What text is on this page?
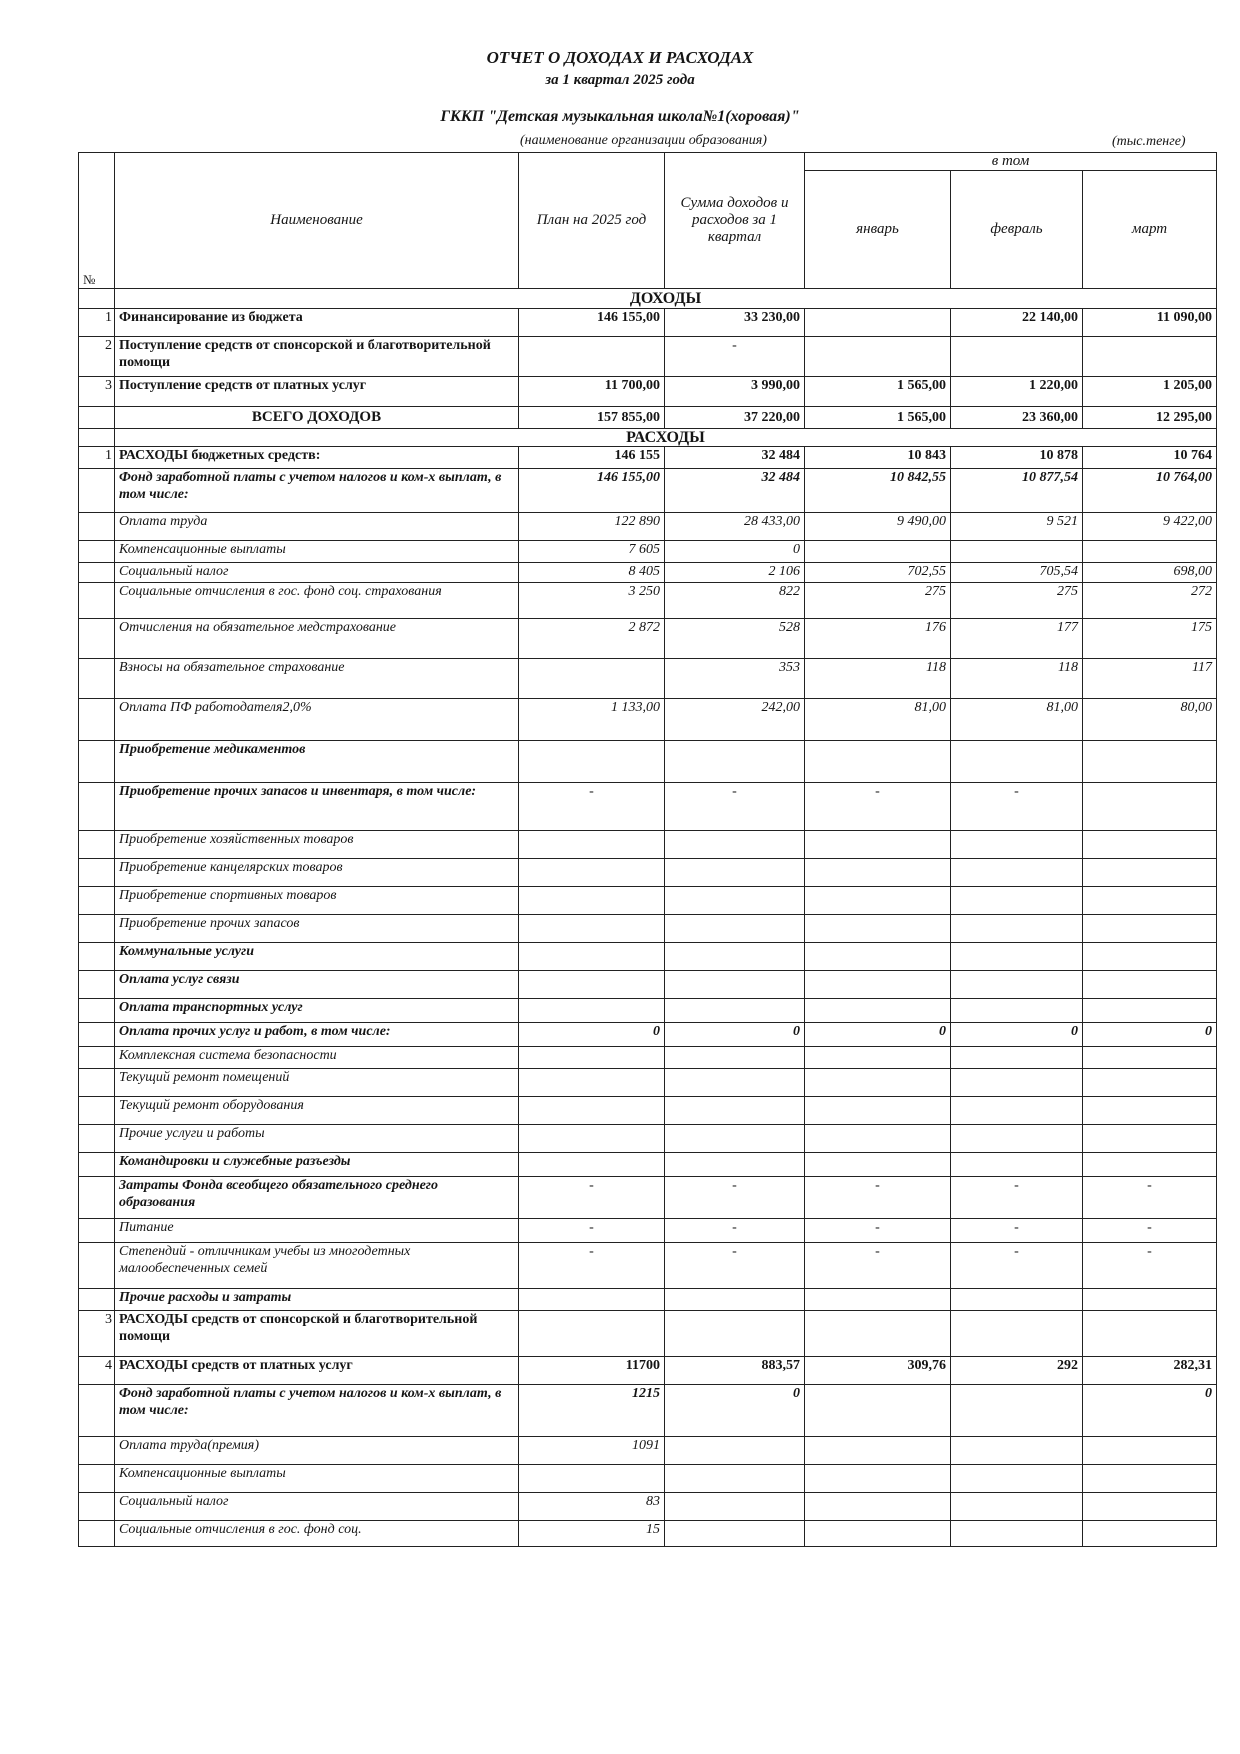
ОТЧЕТ О ДОХОДАХ И РАСХОДАХ
за 1 квартал 2025 года
ГККП "Детская музыкальная школа№1(хоровая)"
(наименование организации образования)	(тыс.тенге)
№	Наименование	План на 2025 год	Сумма доходов и расходов за 1 квартал	в том		
				январь	февраль	март
	ДОХОДЫ					
1	Финансирование из бюджета	146 155,00	33 230,00		22 140,00	11 090,00
2	Поступление средств от спонсорской и благотворительной помощи		-			
3	Поступление средств от платных услуг	11 700,00	3 990,00	1 565,00	1 220,00	1 205,00
	ВСЕГО ДОХОДОВ	157 855,00	37 220,00	1 565,00	23 360,00	12 295,00
	РАСХОДЫ					
1	РАСХОДЫ бюджетных средств:	146 155	32 484	10 843	10 878	10 764
	Фонд заработной платы с учетом налогов и ком-х выплат, в том числе:	146 155,00	32 484	10 842,55	10 877,54	10 764,00
	Оплата труда	122 890	28 433,00	9 490,00	9 521	9 422,00
	Компенсационные выплаты	7 605	0			
	Социальный налог	8 405	2 106	702,55	705,54	698,00
	Социальные отчисления в гос. фонд соц. страхования	3 250	822	275	275	272
	Отчисления на обязательное медстрахование	2 872	528	176	177	175
	Взносы на обязательное страхование		353	118	118	117
	Оплата ПФ работодателя2,0%	1 133,00	242,00	81,00	81,00	80,00
	Приобретение медикаментов					
	Приобретение прочих запасов и инвентаря, в том числе:	-	-	-	-	
	Приобретение хозяйственных товаров					
	Приобретение канцелярских товаров					
	Приобретение спортивных товаров					
	Приобретение прочих запасов					
	Коммунальные услуги					
	Оплата услуг связи					
	Оплата транспортных услуг					
	Оплата прочих услуг и работ, в том числе:	0	0	0	0	0
	Комплексная система безопасности					
	Текущий ремонт помещений					
	Текущий ремонт оборудования					
	Прочие услуги и работы					
	Командировки и служебные разъезды					
	Затраты Фонда всеобщего обязательного среднего образования	-	-	-	-	-
	Питание	-	-	-	-	-
	Степендий - отличникам учебы из многодетных малообеспеченных семей	-	-	-	-	-
	Прочие расходы и затраты					
3	РАСХОДЫ средств от спонсорской и благотворительной помощи					
4	РАСХОДЫ средств от платных услуг	11700	883,57	309,76	292	282,31
	Фонд заработной платы с учетом налогов и ком-х выплат, в том числе:	1215	0			0
	Оплата труда(премия)	1091				
	Компенсационные выплаты					
	Социальный налог	83				
	Социальные отчисления в гос. фонд соц.	15				
